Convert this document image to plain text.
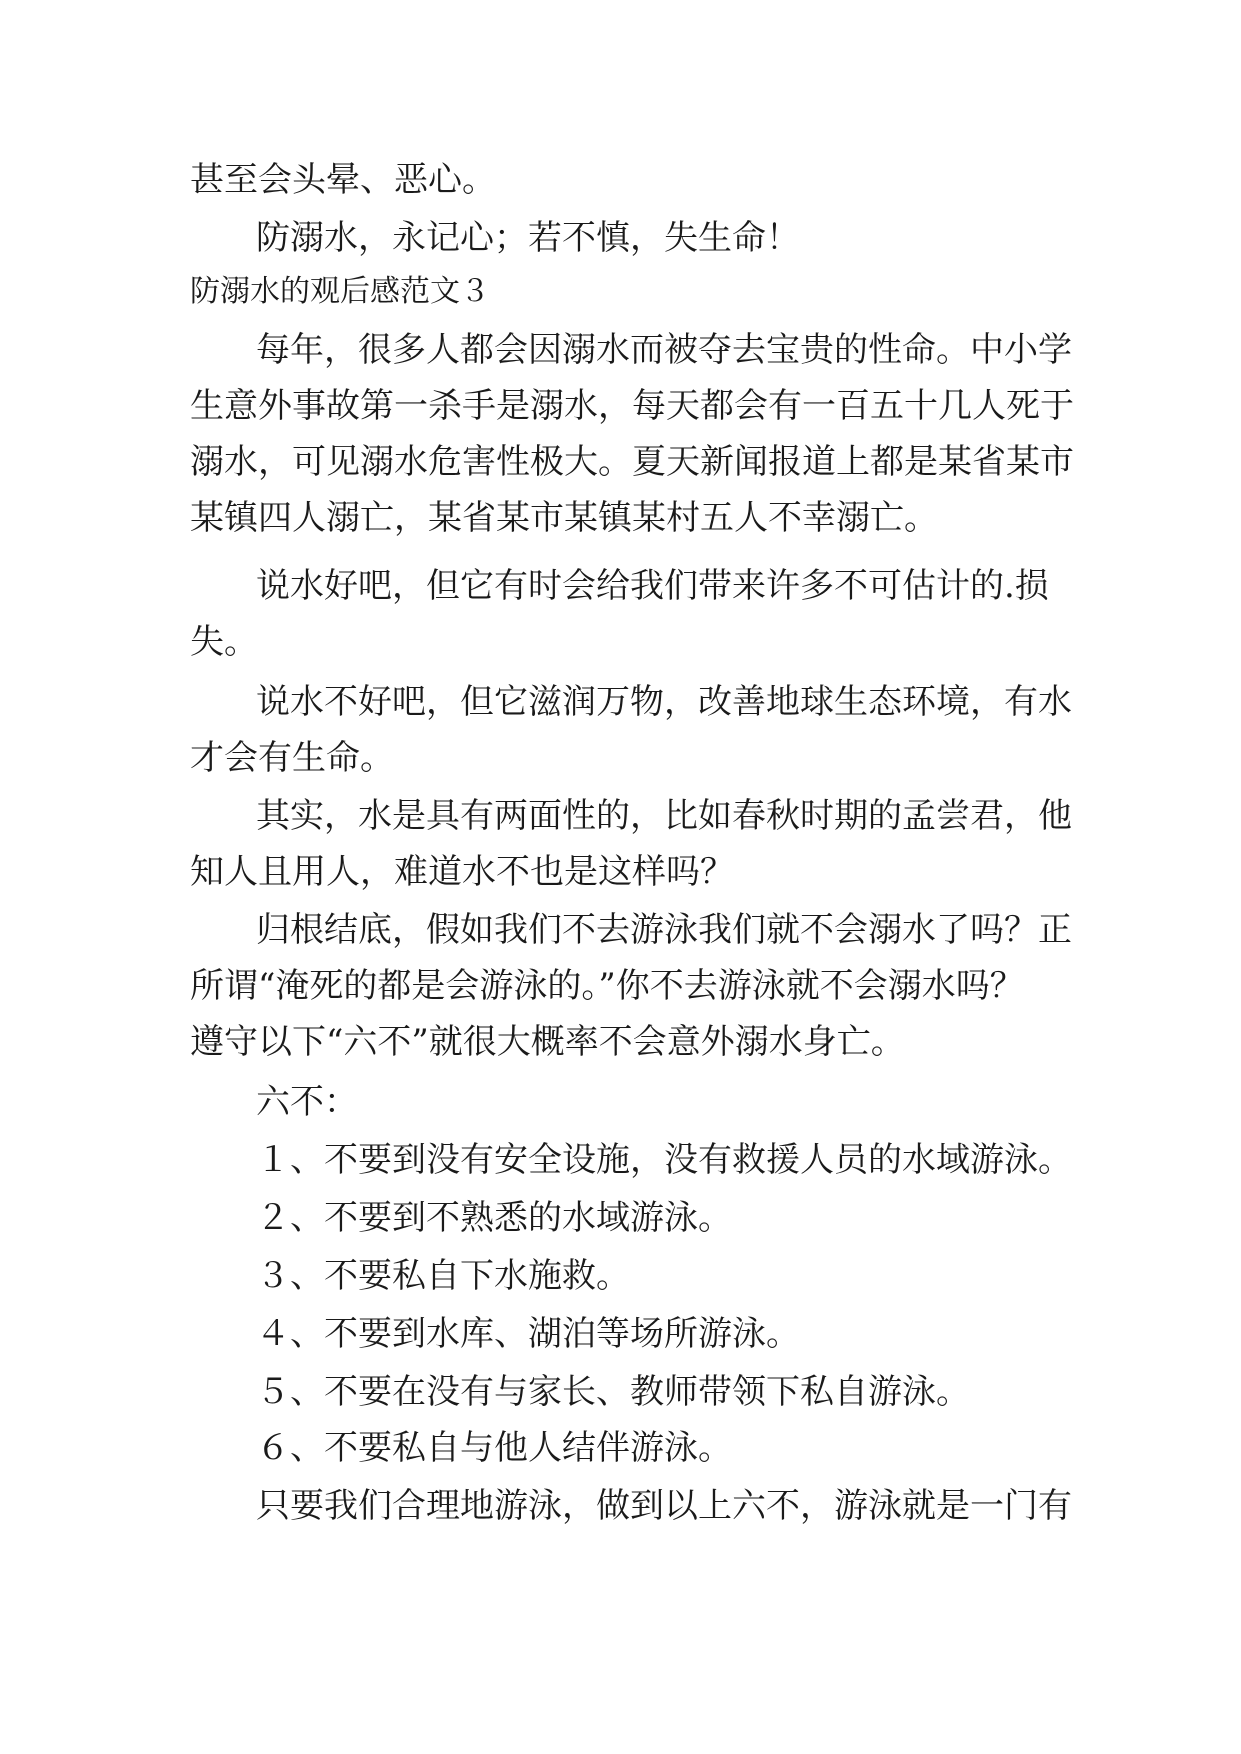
甚至会头晕、恶心。
防溺水，永记心；若不慎，失生命！
防溺水的观后感范文３
每年，很多人都会因溺水而被夺去宝贵的性命。中小学
生意外事故第一杀手是溺水，每天都会有一百五十几人死于
溺水，可见溺水危害性极大。夏天新闻报道上都是某省某市
某镇四人溺亡，某省某市某镇某村五人不幸溺亡。
说水好吧，但它有时会给我们带来许多不可估计的.损
失。
说水不好吧，但它滋润万物，改善地球生态环境，有水
才会有生命。
其实，水是具有两面性的，比如春秋时期的孟尝君，他
知人且用人，难道水不也是这样吗？
归根结底，假如我们不去游泳我们就不会溺水了吗？正
所谓“淹死的都是会游泳的。”你不去游泳就不会溺水吗？
遵守以下“六不”就很大概率不会意外溺水身亡。
六不：
１、不要到没有安全设施，没有救援人员的水域游泳。
２、不要到不熟悉的水域游泳。
３、不要私自下水施救。
４、不要到水库、湖泊等场所游泳。
５、不要在没有与家长、教师带领下私自游泳。
６、不要私自与他人结伴游泳。
只要我们合理地游泳，做到以上六不，游泳就是一门有
